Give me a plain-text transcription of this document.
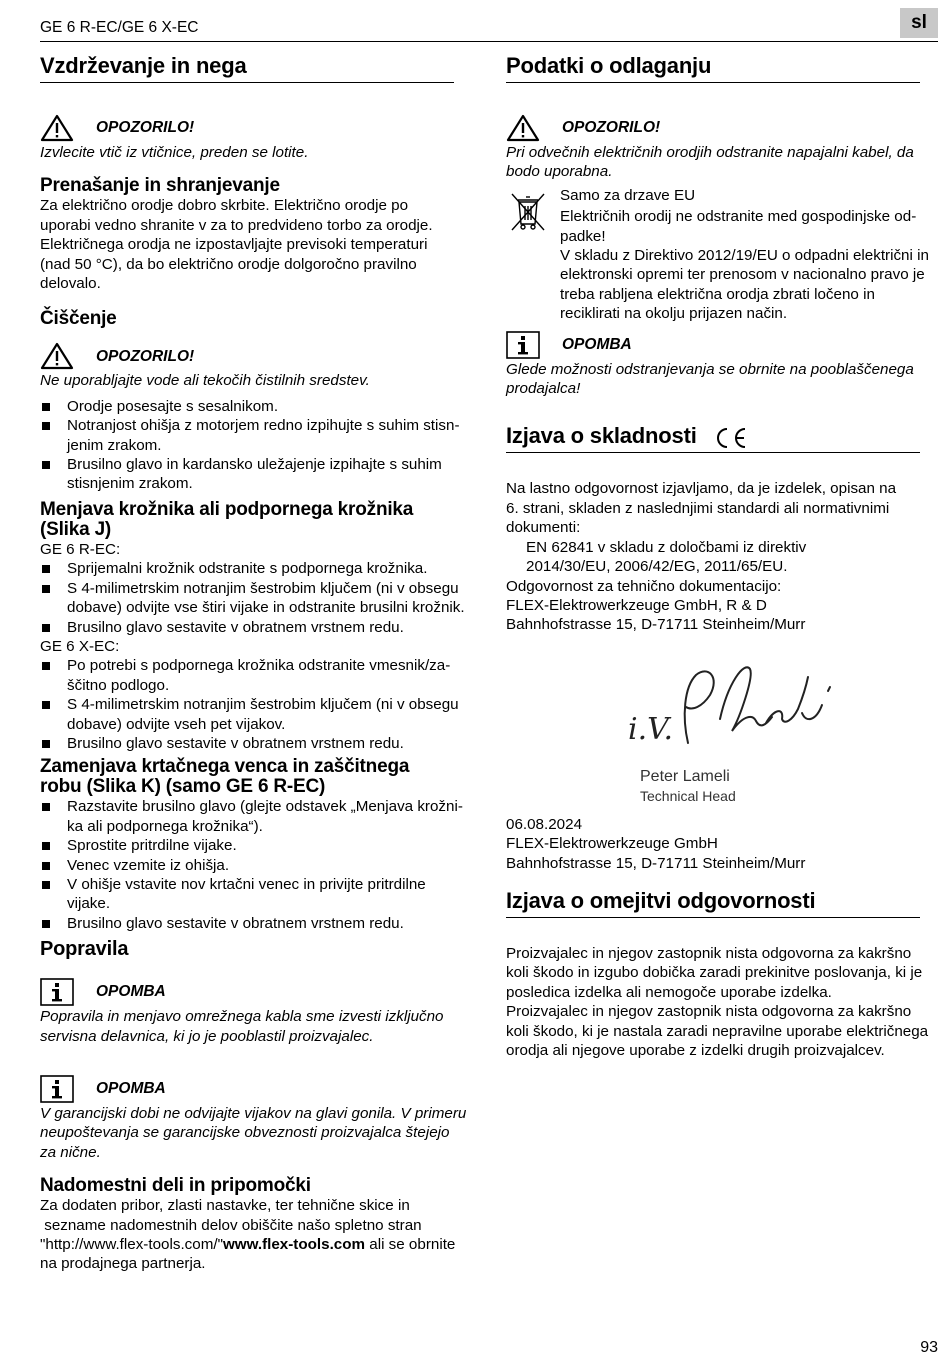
GE 6 R-EC/GE 6 X-EC	sl
Vzdrževanje in nega
OPOZORILO!

Izvlecite vtič iz vtičnice, preden se lotite.

Prenašanje in shranjevanje

Za električno orodje dobro skrbite. Električno orodje po

uporabi vedno shranite v za to predvideno torbo za orodje.

Električnega orodja ne izpostavljajte previsoki temperaturi

(nad 50 °C), da bo električno orodje dolgoročno pravilno

delovalo.

Čiščenje
OPOZORILO!

Ne uporabljajte vode ali tekočih čistilnih sredstev.

Orodje posesajte s sesalnikom.
Notranjost ohišja z motorjem redno izpihujte s suhim stisn-
jenim zrakom.
Brusilno glavo in kardansko uležajenje izpihajte s suhim
stisnjenim zrakom.
Menjava krožnika ali podpornega krožnika
(Slika J)

GE 6 R-EC:

Sprijemalni krožnik odstranite s podpornega krožnika.
S 4-milimetrskim notranjim šestrobim ključem (ni v obsegu
dobave) odvijte vse štiri vijake in odstranite brusilni krožnik.
Brusilno glavo sestavite v obratnem vrstnem redu.

GE 6 X-EC:

Po potrebi s podpornega krožnika odstranite vmesnik/za-
ščitno podlogo.
S 4-milimetrskim notranjim šestrobim ključem (ni v obsegu
dobave) odvijte vseh pet vijakov.
Brusilno glavo sestavite v obratnem vrstnem redu.
Zamenjava krtačnega venca in zaščitnega
robu (Slika K) (samo GE 6 R-EC)
Razstavite brusilno glavo (glejte odstavek „Menjava krožni-
ka ali podpornega krožnika“).
Sprostite pritrdilne vijake.
Venec vzemite iz ohišja.
V ohišje vstavite nov krtačni venec in privijte pritrdilne vijake.
Brusilno glavo sestavite v obratnem vrstnem redu.
Popravila
OPOMBA

Popravila in menjavo omrežnega kabla sme izvesti izključno

servisna delavnica, ki jo je pooblastil proizvajalec.

OPOMBA

V garancijski dobi ne odvijajte vijakov na glavi gonila. V primeru

neupoštevanja se garancijske obveznosti proizvajalca štejejo

za nične.

Nadomestni deli in pripomočki

Za dodaten pribor, zlasti nastavke, ter tehnične skice in

sezname nadomestnih delov obiščite našo spletno stran

"http://www.flex-tools.com/"www.flex-tools.com ali se obrnite

na prodajnega partnerja.

Podatki o odlaganju
OPOZORILO!

Pri odvečnih električnih orodjih odstranite napajalni kabel, da

bodo uporabna.

Samo za drzave EU

Električnih orodij ne odstranite med gospodinjske od-

padke!

V skladu z Direktivo 2012/19/EU o odpadni električni in

elektronski opremi ter prenosom v nacionalno pravo je

treba rabljena električna orodja zbrati ločeno in

reciklirati na okolju prijazen način.

OPOMBA

Glede možnosti odstranjevanja se obrnite na pooblaščenega

prodajalca!

Izjava o skladnosti

Na lastno odgovornost izjavljamo, da je izdelek, opisan na

6. strani, skladen z naslednjimi standardi ali normativnimi

dokumenti:

EN 62841 v skladu z določbami iz direktiv

2014/30/EU, 2006/42/EG, 2011/65/EU.

Odgovornost za tehnično dokumentacijo:

FLEX-Elektrowerkzeuge GmbH, R & D

Bahnhofstrasse 15, D-71711 Steinheim/Murr

i.V.
Peter Lameli
Technical Head

06.08.2024

FLEX-Elektrowerkzeuge GmbH

Bahnhofstrasse 15, D-71711 Steinheim/Murr

Izjava o omejitvi odgovornosti

Proizvajalec in njegov zastopnik nista odgovorna za kakršno

koli škodo in izgubo dobička zaradi prekinitve poslovanja, ki je

posledica izdelka ali nemogoče uporabe izdelka.

Proizvajalec in njegov zastopnik nista odgovorna za kakršno

koli škodo, ki je nastala zaradi nepravilne uporabe električnega

orodja ali njegove uporabe z izdelki drugih proizvajalcev.

93
